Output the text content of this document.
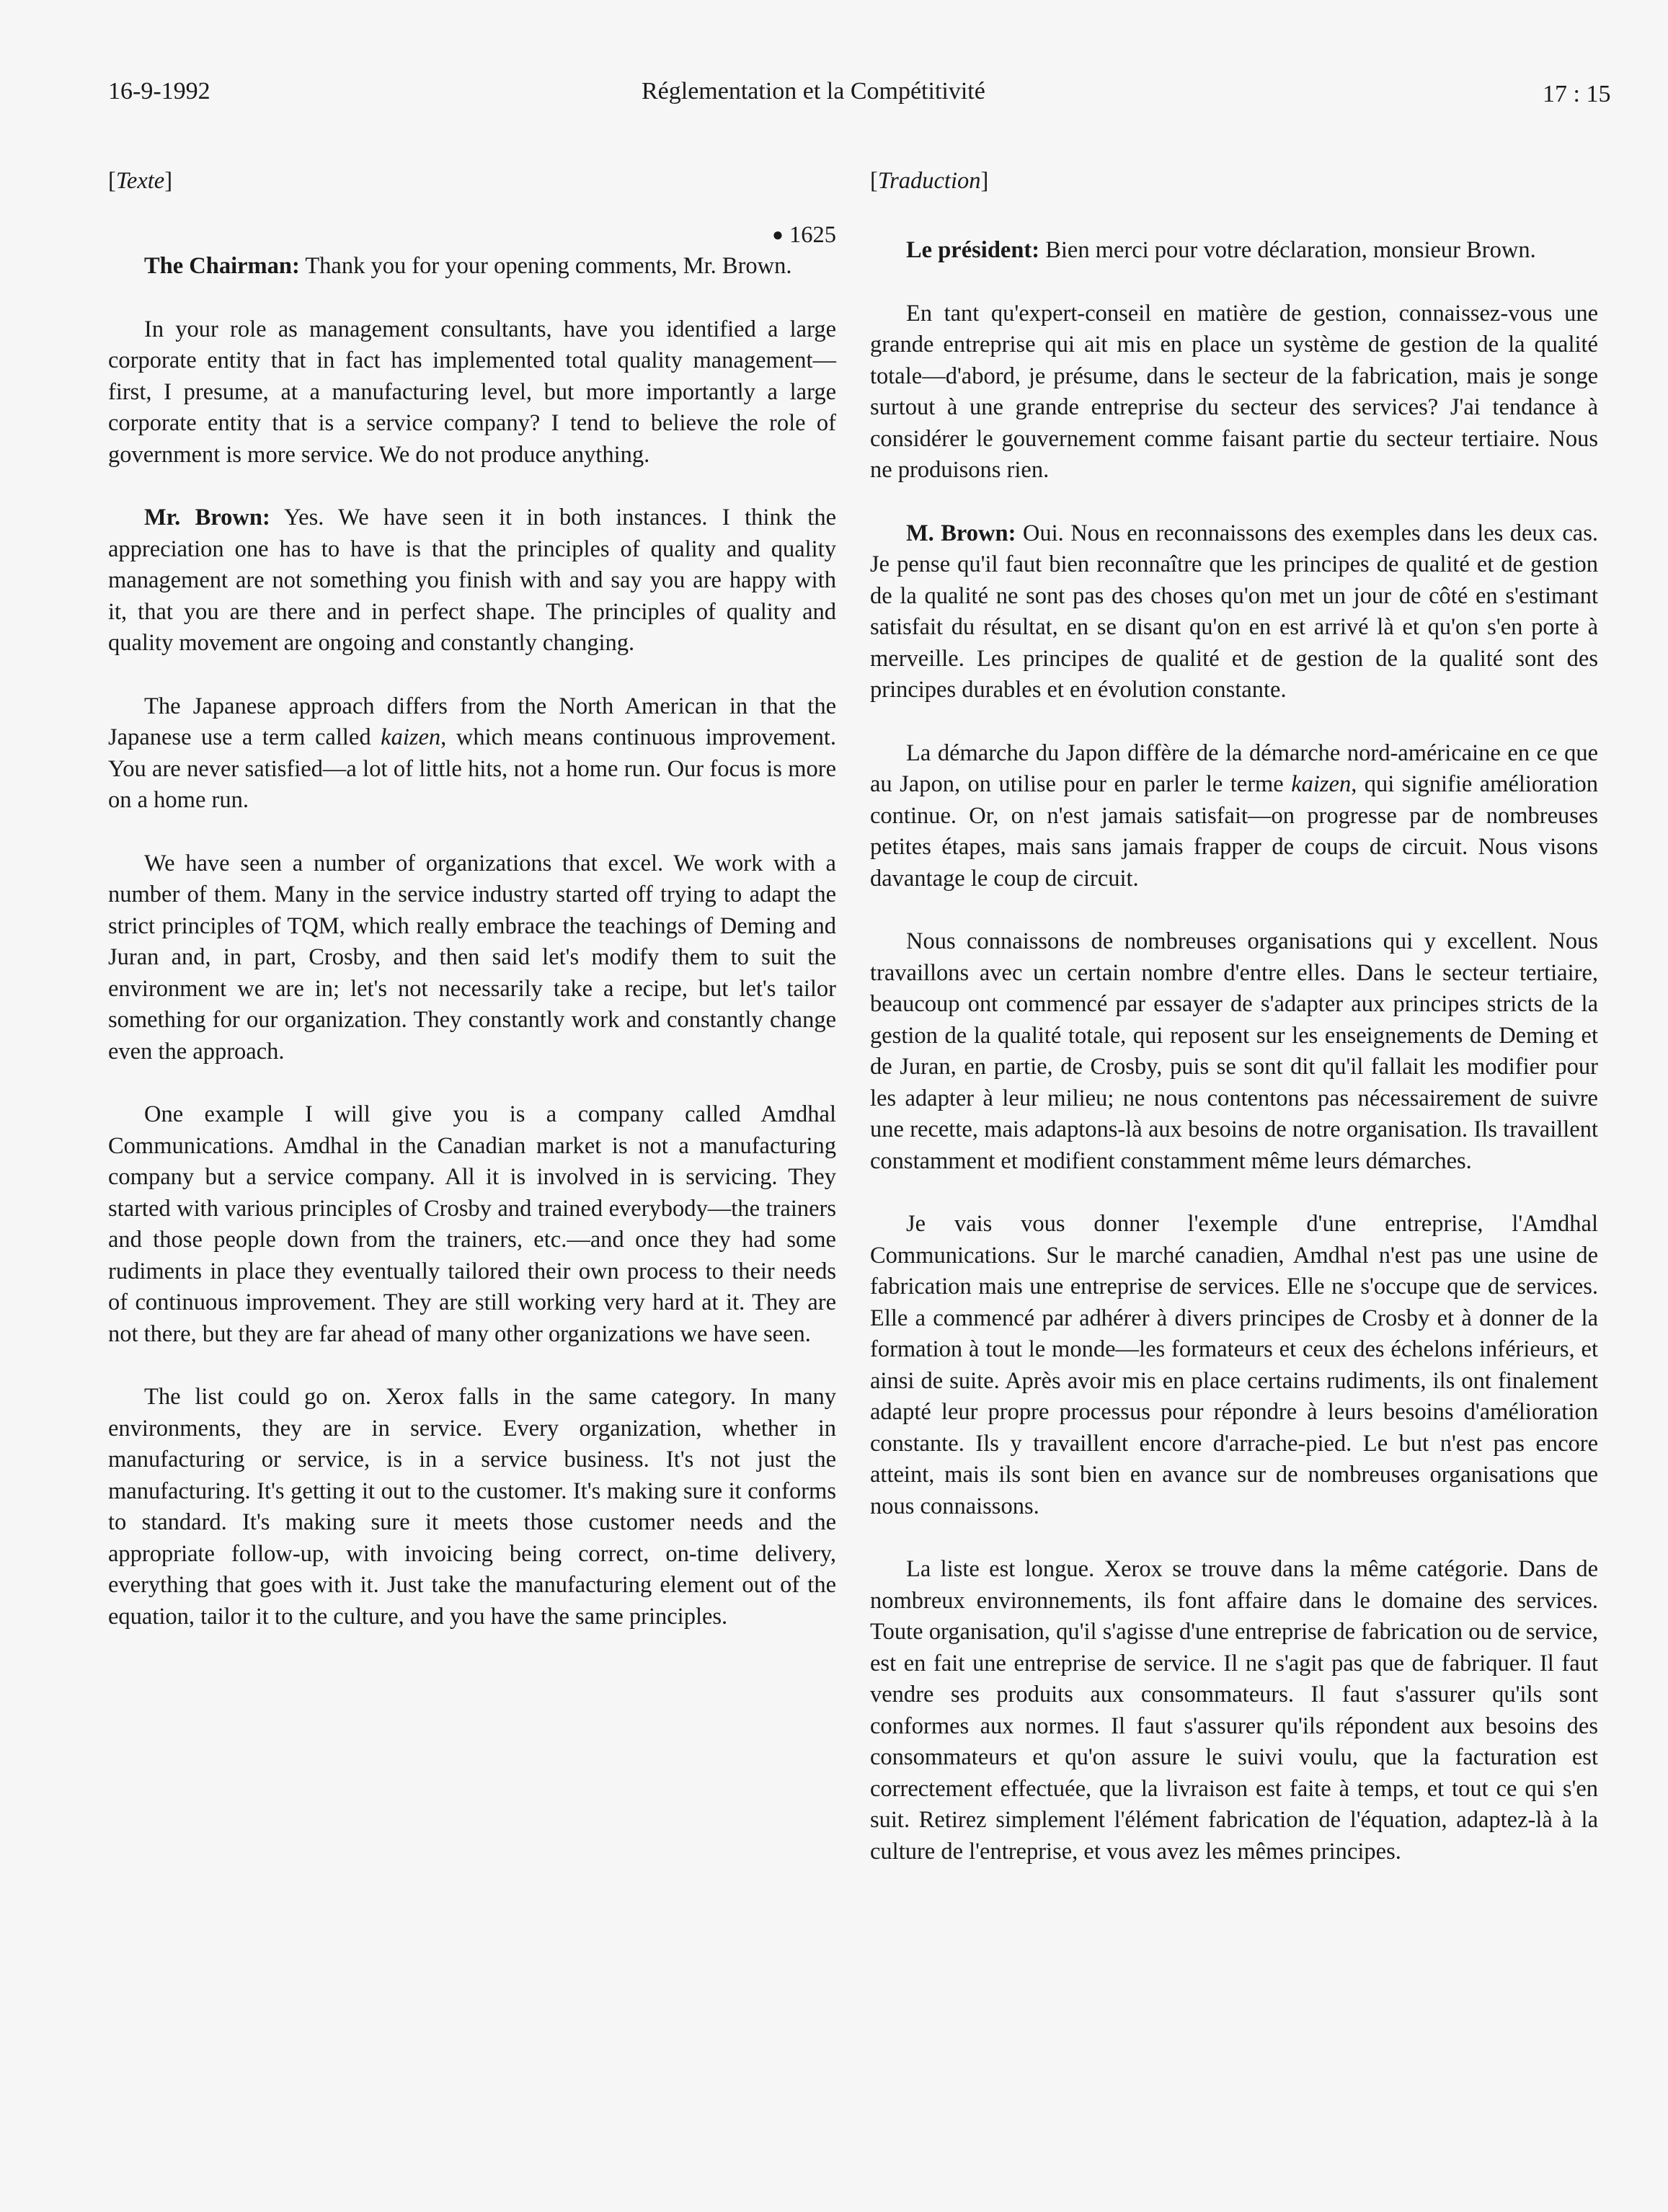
16-9-1992	Réglementation et la Compétitivité	17 : 15
[Texte]
● 1625

The Chairman: Thank you for your opening comments, Mr. Brown.

In your role as management consultants, have you identified a large corporate entity that in fact has implemented total quality management—first, I presume, at a manufacturing level, but more importantly a large corporate entity that is a service company? I tend to believe the role of government is more service. We do not produce anything.

Mr. Brown: Yes. We have seen it in both instances. I think the appreciation one has to have is that the principles of quality and quality management are not something you finish with and say you are happy with it, that you are there and in perfect shape. The principles of quality and quality movement are ongoing and constantly changing.

The Japanese approach differs from the North American in that the Japanese use a term called kaizen, which means continuous improvement. You are never satisfied—a lot of little hits, not a home run. Our focus is more on a home run.

We have seen a number of organizations that excel. We work with a number of them. Many in the service industry started off trying to adapt the strict principles of TQM, which really embrace the teachings of Deming and Juran and, in part, Crosby, and then said let's modify them to suit the environment we are in; let's not necessarily take a recipe, but let's tailor something for our organization. They constantly work and constantly change even the approach.

One example I will give you is a company called Amdhal Communications. Amdhal in the Canadian market is not a manufacturing company but a service company. All it is involved in is servicing. They started with various principles of Crosby and trained everybody—the trainers and those people down from the trainers, etc.—and once they had some rudiments in place they eventually tailored their own process to their needs of continuous improvement. They are still working very hard at it. They are not there, but they are far ahead of many other organizations we have seen.

The list could go on. Xerox falls in the same category. In many environments, they are in service. Every organization, whether in manufacturing or service, is in a service business. It's not just the manufacturing. It's getting it out to the customer. It's making sure it conforms to standard. It's making sure it meets those customer needs and the appropriate follow-up, with invoicing being correct, on-time delivery, everything that goes with it. Just take the manufacturing element out of the equation, tailor it to the culture, and you have the same principles.

[Traduction]

Le président: Bien merci pour votre déclaration, monsieur Brown.

En tant qu'expert-conseil en matière de gestion, connaissez-vous une grande entreprise qui ait mis en place un système de gestion de la qualité totale—d'abord, je présume, dans le secteur de la fabrication, mais je songe surtout à une grande entreprise du secteur des services? J'ai tendance à considérer le gouvernement comme faisant partie du secteur tertiaire. Nous ne produisons rien.

M. Brown: Oui. Nous en reconnaissons des exemples dans les deux cas. Je pense qu'il faut bien reconnaître que les principes de qualité et de gestion de la qualité ne sont pas des choses qu'on met un jour de côté en s'estimant satisfait du résultat, en se disant qu'on en est arrivé là et qu'on s'en porte à merveille. Les principes de qualité et de gestion de la qualité sont des principes durables et en évolution constante.

La démarche du Japon diffère de la démarche nord-américaine en ce que au Japon, on utilise pour en parler le terme kaizen, qui signifie amélioration continue. Or, on n'est jamais satisfait—on progresse par de nombreuses petites étapes, mais sans jamais frapper de coups de circuit. Nous visons davantage le coup de circuit.

Nous connaissons de nombreuses organisations qui y excellent. Nous travaillons avec un certain nombre d'entre elles. Dans le secteur tertiaire, beaucoup ont commencé par essayer de s'adapter aux principes stricts de la gestion de la qualité totale, qui reposent sur les enseignements de Deming et de Juran, en partie, de Crosby, puis se sont dit qu'il fallait les modifier pour les adapter à leur milieu; ne nous contentons pas nécessairement de suivre une recette, mais adaptons-là aux besoins de notre organisation. Ils travaillent constamment et modifient constamment même leurs démarches.

Je vais vous donner l'exemple d'une entreprise, l'Amdhal Communications. Sur le marché canadien, Amdhal n'est pas une usine de fabrication mais une entreprise de services. Elle ne s'occupe que de services. Elle a commencé par adhérer à divers principes de Crosby et à donner de la formation à tout le monde—les formateurs et ceux des échelons inférieurs, et ainsi de suite. Après avoir mis en place certains rudiments, ils ont finalement adapté leur propre processus pour répondre à leurs besoins d'amélioration constante. Ils y travaillent encore d'arrache-pied. Le but n'est pas encore atteint, mais ils sont bien en avance sur de nombreuses organisations que nous connaissons.

La liste est longue. Xerox se trouve dans la même catégorie. Dans de nombreux environnements, ils font affaire dans le domaine des services. Toute organisation, qu'il s'agisse d'une entreprise de fabrication ou de service, est en fait une entreprise de service. Il ne s'agit pas que de fabriquer. Il faut vendre ses produits aux consommateurs. Il faut s'assurer qu'ils sont conformes aux normes. Il faut s'assurer qu'ils répondent aux besoins des consommateurs et qu'on assure le suivi voulu, que la facturation est correctement effectuée, que la livraison est faite à temps, et tout ce qui s'en suit. Retirez simplement l'élément fabrication de l'équation, adaptez-là à la culture de l'entreprise, et vous avez les mêmes principes.
